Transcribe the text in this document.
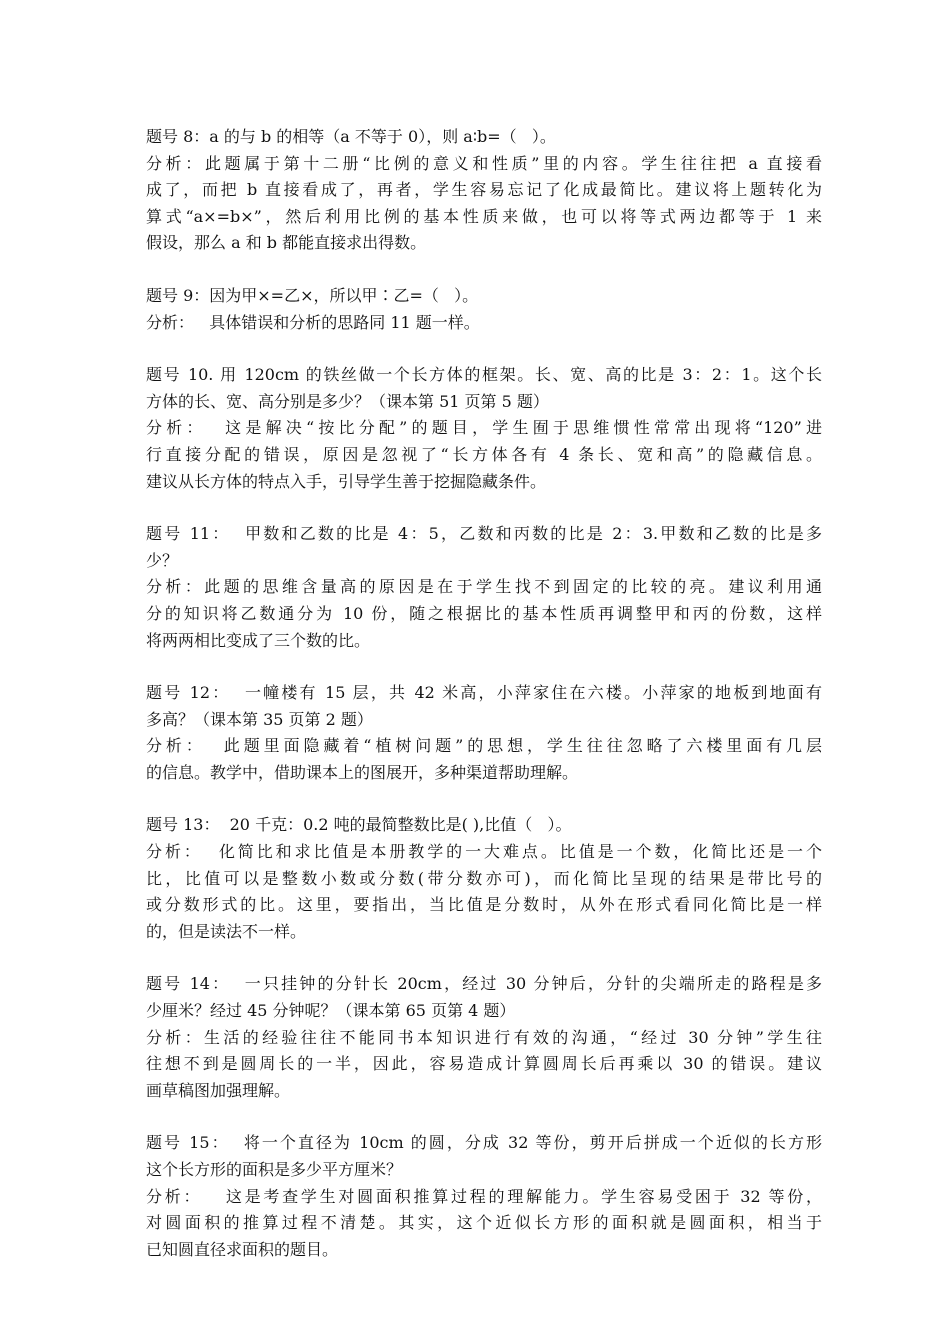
题号 8：a 的与 b 的相等（a 不等于 0），则 a∶b=（   ）。
分析：此题属于第十二册“比例的意义和性质”里的内容。学生往往把 a 直接看
成了，而把 b 直接看成了，再者，学生容易忘记了化成最简比。建议将上题转化为
算式“a×=b×”，然后利用比例的基本性质来做，也可以将等式两边都等于 1 来
假设，那么 a 和 b 都能直接求出得数。
题号 9：因为甲×=乙×，所以甲∶乙=（   ）。
分析：   具体错误和分析的思路同 11 题一样。
题号 10. 用 120cm 的铁丝做一个长方体的框架。长、宽、高的比是 3：2：1。这个长
方体的长、宽、高分别是多少？（课本第 51 页第 5 题）
分析：  这是解决“按比分配”的题目，学生囿于思维惯性常常出现将“120”进
行直接分配的错误，原因是忽视了“长方体各有 4 条长、宽和高”的隐藏信息。
建议从长方体的特点入手，引导学生善于挖掘隐藏条件。
题号 11：  甲数和乙数的比是 4：5，乙数和丙数的比是 2：3.甲数和乙数的比是多
少？
分析：此题的思维含量高的原因是在于学生找不到固定的比较的亮。建议利用通
分的知识将乙数通分为 10 份，随之根据比的基本性质再调整甲和丙的份数，这样
将两两相比变成了三个数的比。
题号 12：  一幢楼有 15 层，共 42 米高，小萍家住在六楼。小萍家的地板到地面有
多高？（课本第 35 页第 2 题）
分析：  此题里面隐藏着“植树问题”的思想，学生往往忽略了六楼里面有几层
的信息。教学中，借助课本上的图展开，多种渠道帮助理解。
题号 13：  20 千克：0.2 吨的最简整数比是( ),比值（   ）。
分析：  化简比和求比值是本册教学的一大难点。比值是一个数，化简比还是一个
比，比值可以是整数小数或分数(带分数亦可)，而化简比呈现的结果是带比号的
或分数形式的比。这里，要指出，当比值是分数时，从外在形式看同化简比是一样
的，但是读法不一样。
题号 14：  一只挂钟的分针长 20cm，经过 30 分钟后，分针的尖端所走的路程是多
少厘米？经过 45 分钟呢？（课本第 65 页第 4 题）
分析：生活的经验往往不能同书本知识进行有效的沟通，“经过 30 分钟”学生往
往想不到是圆周长的一半，因此，容易造成计算圆周长后再乘以 30 的错误。建议
画草稿图加强理解。
题号 15：  将一个直径为 10cm 的圆，分成 32 等份，剪开后拼成一个近似的长方形
这个长方形的面积是多少平方厘米？
分析：   这是考查学生对圆面积推算过程的理解能力。学生容易受困于 32 等份，
对圆面积的推算过程不清楚。其实，这个近似长方形的面积就是圆面积，相当于
已知圆直径求面积的题目。
